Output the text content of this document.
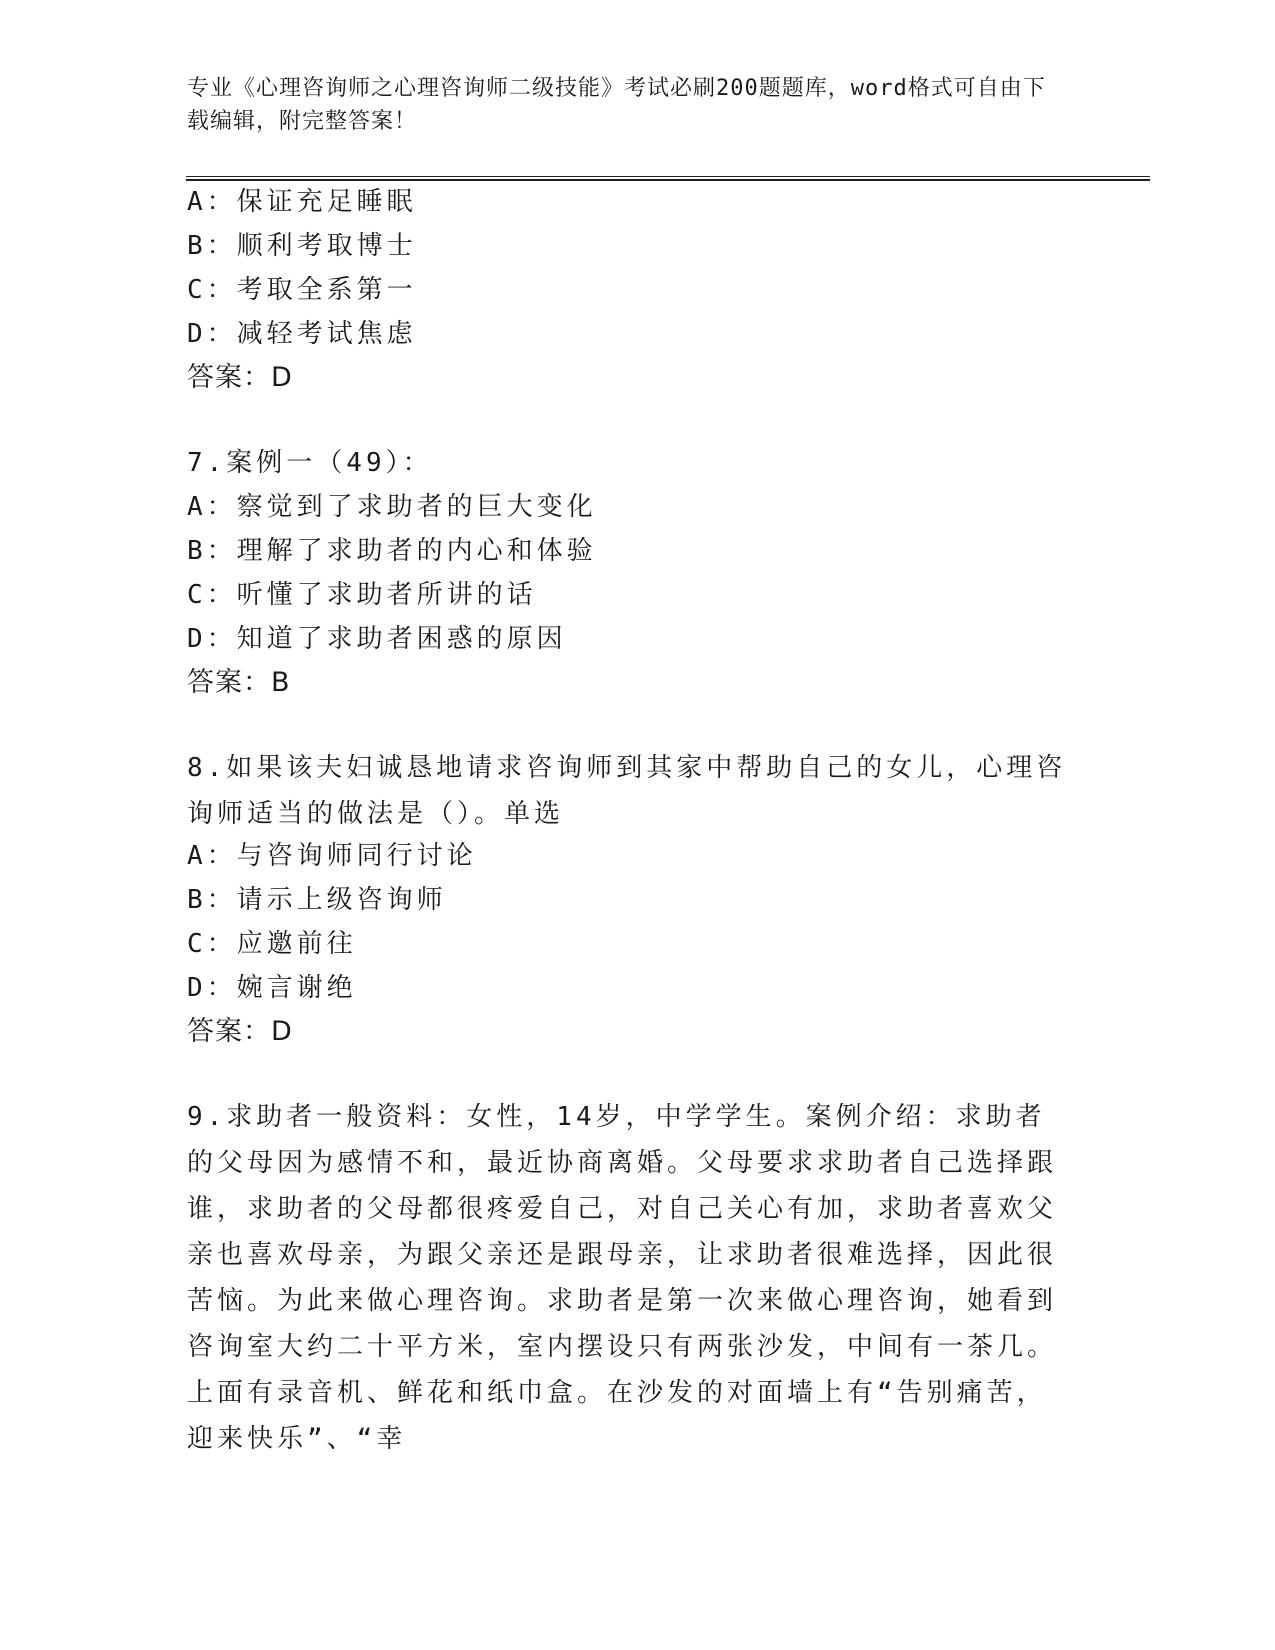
专业《心理咨询师之心理咨询师二级技能》考试必刷200题题库，word格式可自由下载编辑，附完整答案！
A：保证充足睡眠
B：顺利考取博士
C：考取全系第一
D：减轻考试焦虑
答案：D
7.案例一（49）：
A：察觉到了求助者的巨大变化
B：理解了求助者的内心和体验
C：听懂了求助者所讲的话
D：知道了求助者困惑的原因
答案：B
8.如果该夫妇诚恳地请求咨询师到其家中帮助自己的女儿，心理咨询师适当的做法是（）。单选
A：与咨询师同行讨论
B：请示上级咨询师
C：应邀前往
D：婉言谢绝
答案：D
9.求助者一般资料：女性，14岁，中学学生。案例介绍：求助者的父母因为感情不和，最近协商离婚。父母要求求助者自己选择跟谁，求助者的父母都很疼爱自己，对自己关心有加，求助者喜欢父亲也喜欢母亲，为跟父亲还是跟母亲，让求助者很难选择，因此很苦恼。为此来做心理咨询。求助者是第一次来做心理咨询，她看到咨询室大约二十平方米，室内摆设只有两张沙发，中间有一茶几。上面有录音机、鲜花和纸巾盒。在沙发的对面墙上有“告别痛苦，迎来快乐”、“幸
